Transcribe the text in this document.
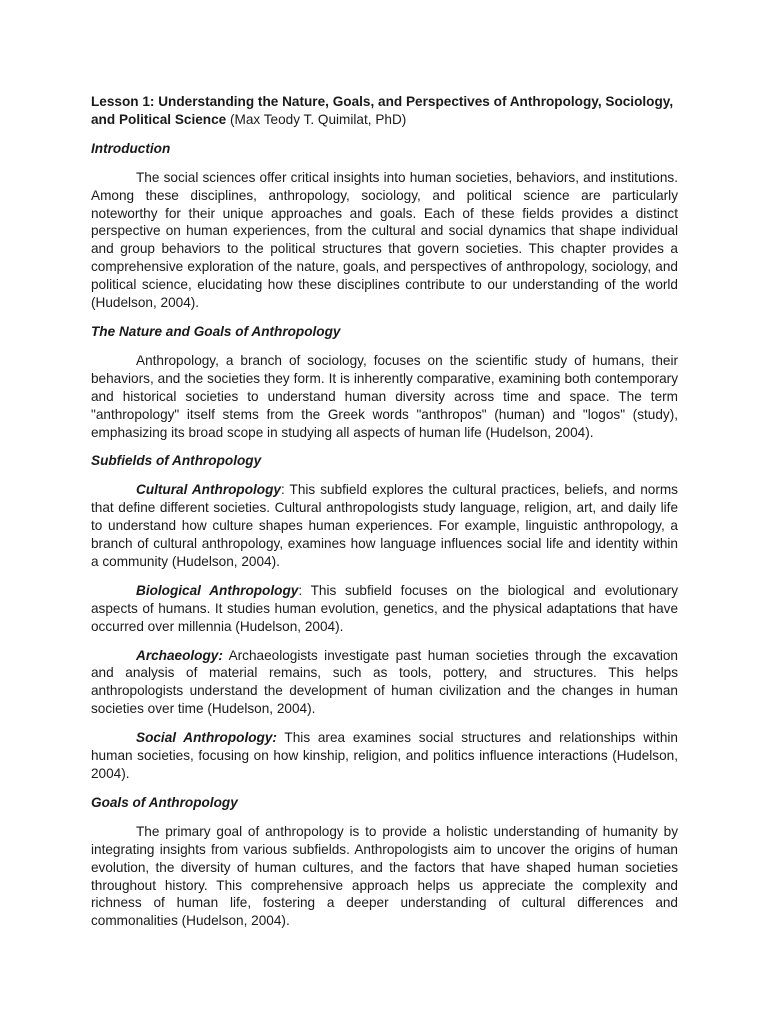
Lesson 1: Understanding the Nature, Goals, and Perspectives of Anthropology, Sociology, and Political Science (Max Teody T. Quimilat, PhD)

Introduction

The social sciences offer critical insights into human societies, behaviors, and institutions. Among these disciplines, anthropology, sociology, and political science are particularly noteworthy for their unique approaches and goals. Each of these fields provides a distinct perspective on human experiences, from the cultural and social dynamics that shape individual and group behaviors to the political structures that govern societies. This chapter provides a comprehensive exploration of the nature, goals, and perspectives of anthropology, sociology, and political science, elucidating how these disciplines contribute to our understanding of the world (Hudelson, 2004).

The Nature and Goals of Anthropology

Anthropology, a branch of sociology, focuses on the scientific study of humans, their behaviors, and the societies they form. It is inherently comparative, examining both contemporary and historical societies to understand human diversity across time and space. The term "anthropology" itself stems from the Greek words "anthropos" (human) and "logos" (study), emphasizing its broad scope in studying all aspects of human life (Hudelson, 2004).

Subfields of Anthropology

Cultural Anthropology: This subfield explores the cultural practices, beliefs, and norms that define different societies. Cultural anthropologists study language, religion, art, and daily life to understand how culture shapes human experiences. For example, linguistic anthropology, a branch of cultural anthropology, examines how language influences social life and identity within a community (Hudelson, 2004).

Biological Anthropology: This subfield focuses on the biological and evolutionary aspects of humans. It studies human evolution, genetics, and the physical adaptations that have occurred over millennia (Hudelson, 2004).

Archaeology: Archaeologists investigate past human societies through the excavation and analysis of material remains, such as tools, pottery, and structures. This helps anthropologists understand the development of human civilization and the changes in human societies over time (Hudelson, 2004).

Social Anthropology: This area examines social structures and relationships within human societies, focusing on how kinship, religion, and politics influence interactions (Hudelson, 2004).

Goals of Anthropology

The primary goal of anthropology is to provide a holistic understanding of humanity by integrating insights from various subfields. Anthropologists aim to uncover the origins of human evolution, the diversity of human cultures, and the factors that have shaped human societies throughout history. This comprehensive approach helps us appreciate the complexity and richness of human life, fostering a deeper understanding of cultural differences and commonalities (Hudelson, 2004).
